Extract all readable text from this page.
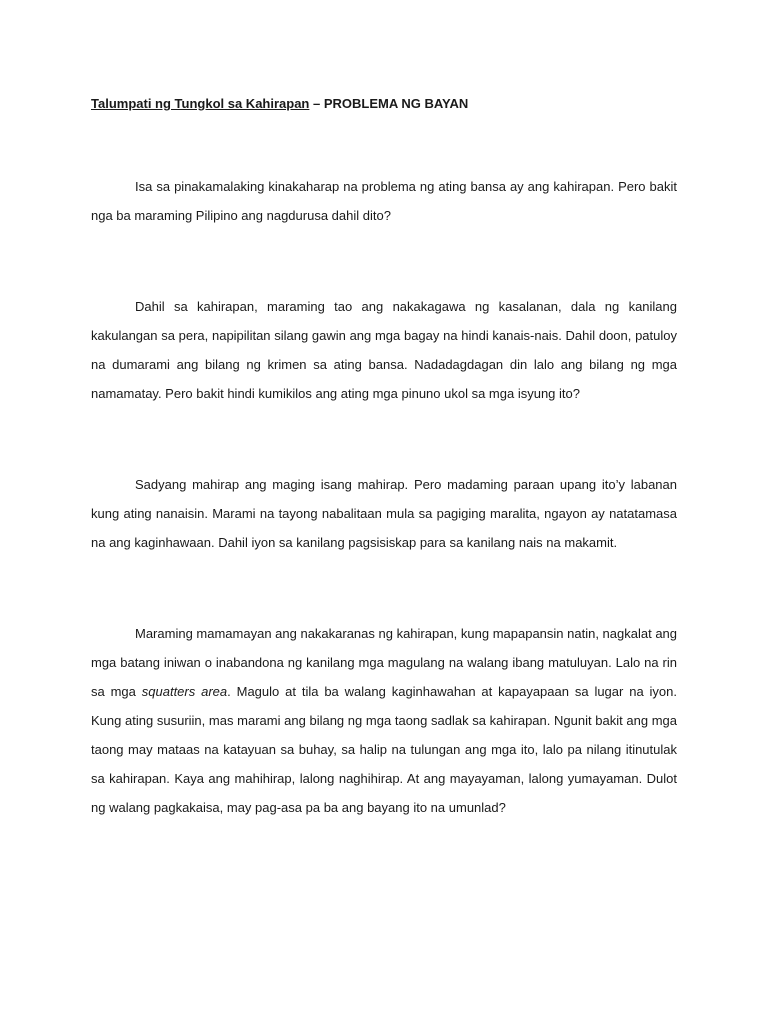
Talumpati ng Tungkol sa Kahirapan – PROBLEMA NG BAYAN

Isa sa pinakamalaking kinakaharap na problema ng ating bansa ay ang kahirapan. Pero bakit nga ba maraming Pilipino ang nagdurusa dahil dito?

Dahil sa kahirapan, maraming tao ang nakakagawa ng kasalanan, dala ng kanilang kakulangan sa pera, napipilitan silang gawin ang mga bagay na hindi kanais-nais. Dahil doon, patuloy na dumarami ang bilang ng krimen sa ating bansa. Nadadagdagan din lalo ang bilang ng mga namamatay. Pero bakit hindi kumikilos ang ating mga pinuno ukol sa mga isyung ito?

Sadyang mahirap ang maging isang mahirap. Pero madaming paraan upang ito’y labanan kung ating nanaisin. Marami na tayong nabalitaan mula sa pagiging maralita, ngayon ay natatamasa na ang kaginhawaan. Dahil iyon sa kanilang pagsisiskap para sa kanilang nais na makamit.

Maraming mamamayan ang nakakaranas ng kahirapan, kung mapapansin natin, nagkalat ang mga batang iniwan o inabandona ng kanilang mga magulang na walang ibang matuluyan. Lalo na rin sa mga squatters area. Magulo at tila ba walang kaginhawahan at kapayapaan sa lugar na iyon. Kung ating susuriin, mas marami ang bilang ng mga taong sadlak sa kahirapan. Ngunit bakit ang mga taong may mataas na katayuan sa buhay, sa halip na tulungan ang mga ito, lalo pa nilang itinutulak sa kahirapan. Kaya ang mahihirap, lalong naghihirap. At ang mayayaman, lalong yumayaman. Dulot ng walang pagkakaisa, may pag-asa pa ba ang bayang ito na umunlad?
